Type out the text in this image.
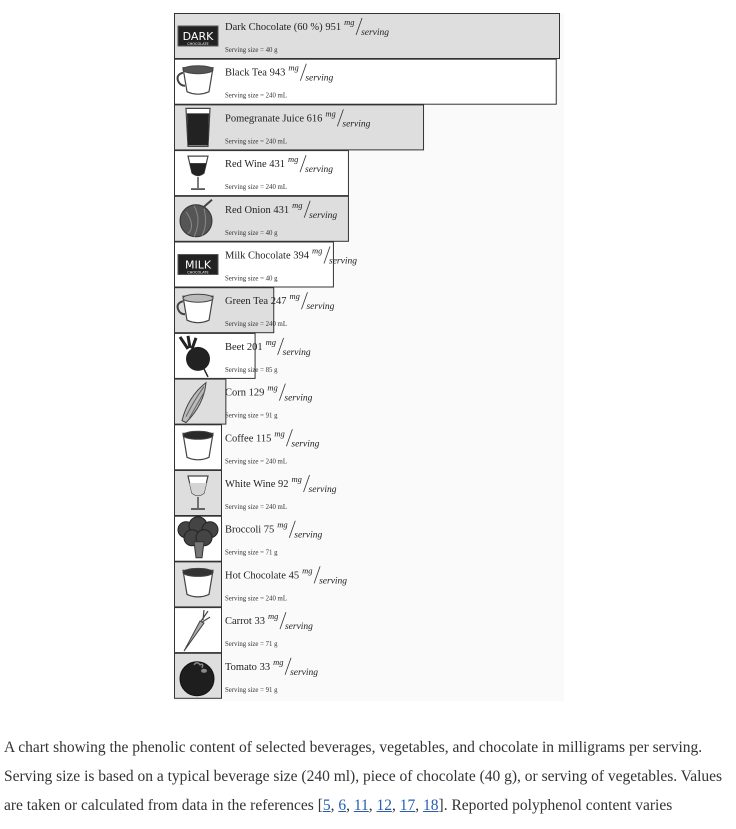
DARK
CHOCOLATE
Dark Chocolate (60 %) 951 mg
serving
Serving size = 40 g
Black Tea 943 mg
serving
Serving size = 240 mL
Pomegranate Juice 616 mg
serving
Serving size = 240 mL
Red Wine 431 mg
serving
Serving size = 240 mL
Red Onion 431 mg
serving
Serving size = 40 g
MILK
CHOCOLATE
Milk Chocolate 394 mg
serving
Serving size = 40 g
Green Tea 247 mg
serving
Serving size = 240 mL
Beet 201 mg
serving
Serving size = 85 g
Corn 129 mg
serving
Serving size = 91 g
Coffee 115 mg
serving
Serving size = 240 mL
White Wine 92 mg
serving
Serving size = 240 mL
Broccoli 75 mg
serving
Serving size = 71 g
Hot Chocolate 45 mg
serving
Serving size = 240 mL
Carrot 33 mg
serving
Serving size = 71 g
Tomato 33 mg
serving
Serving size = 91 g

A chart showing the phenolic content of selected beverages, vegetables, and chocolate in milligrams per serving. Serving size is based on a typical beverage size (240 ml), piece of chocolate (40 g), or serving of vegetables. Values are taken or calculated from data in the references [5, 6, 11, 12, 17, 18]. Reported polyphenol content varies
